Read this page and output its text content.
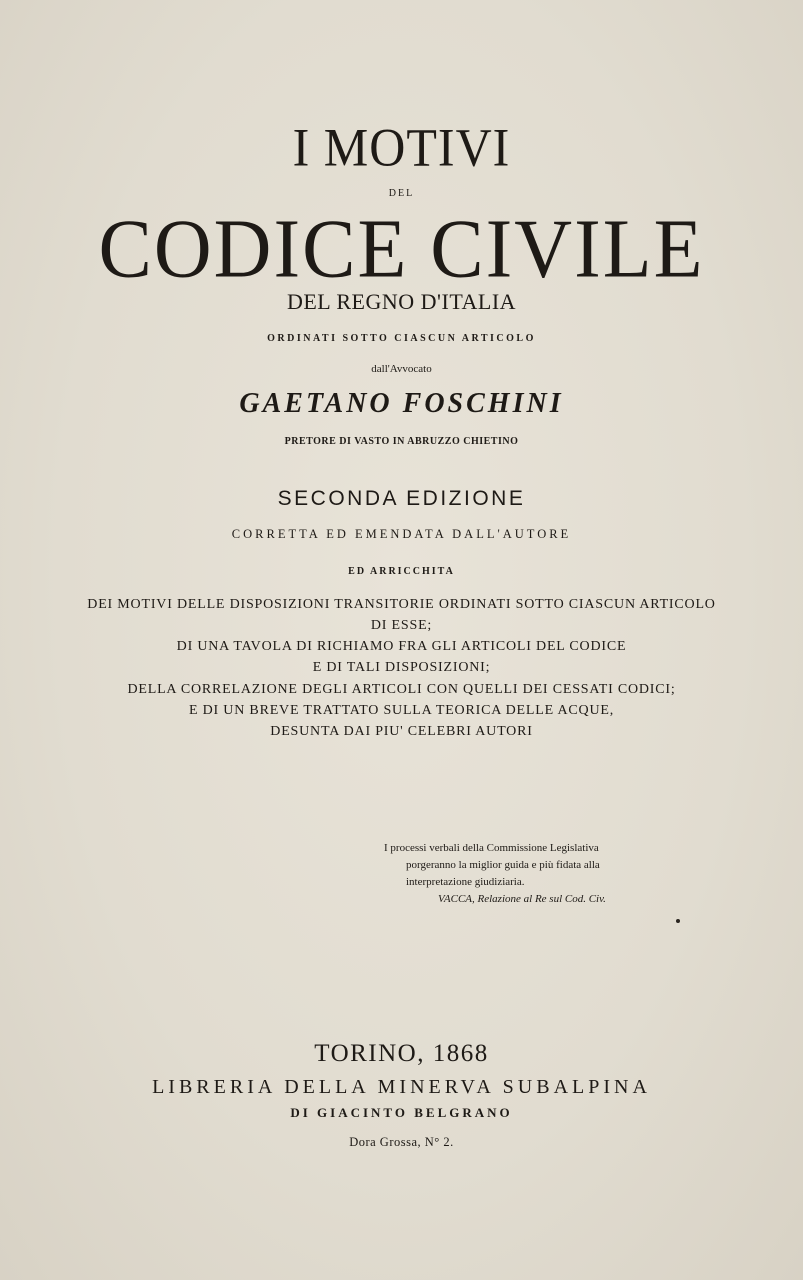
I MOTIVI
DEL
CODICE CIVILE
DEL REGNO D'ITALIA
ORDINATI SOTTO CIASCUN ARTICOLO
dall'Avvocato
GAETANO FOSCHINI
PRETORE DI VASTO IN ABRUZZO CHIETINO
SECONDA EDIZIONE
CORRETTA ED EMENDATA DALL'AUTORE
ED ARRICCHITA
DEI MOTIVI DELLE DISPOSIZIONI TRANSITORIE ORDINATI SOTTO CIASCUN ARTICOLO
DI ESSE;
DI UNA TAVOLA DI RICHIAMO FRA GLI ARTICOLI DEL CODICE
E DI TALI DISPOSIZIONI;
DELLA CORRELAZIONE DEGLI ARTICOLI CON QUELLI DEI CESSATI CODICI;
E DI UN BREVE TRATTATO SULLA TEORICA DELLE ACQUE,
DESUNTA DAI PIU' CELEBRI AUTORI
I processi verbali della Commissione Legislativa
porgeranno la miglior guida e più fidata alla
interpretazione giudiziaria.
VACCA, Relazione al Re sul Cod. Civ.
TORINO, 1868
LIBRERIA DELLA MINERVA SUBALPINA
DI GIACINTO BELGRANO
Dora Grossa, N° 2.
